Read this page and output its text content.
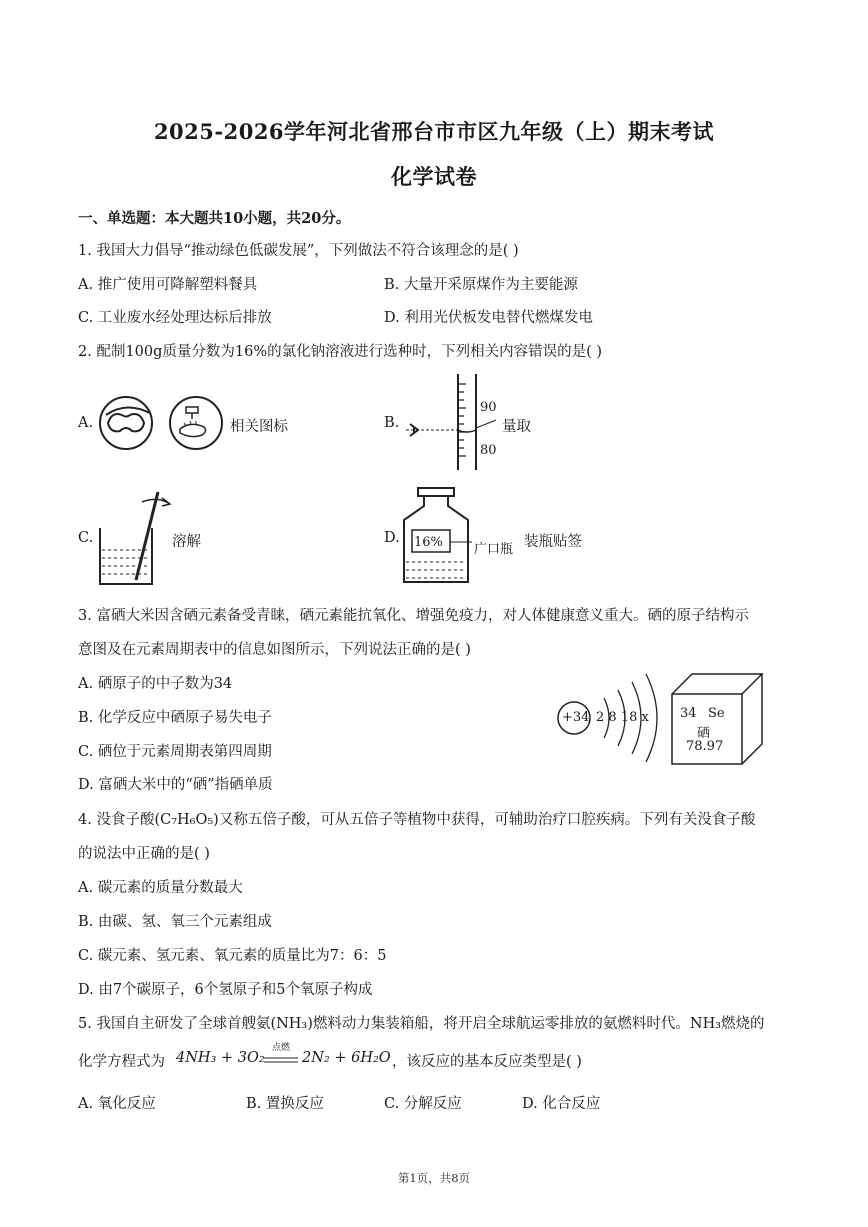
2025-2026学年河北省邢台市市区九年级（上）期末考试
化学试卷
一、单选题：本大题共10小题，共20分。
1. 我国大力倡导“推动绿色低碳发展”，下列做法不符合该理念的是( )
A. 推广使用可降解塑料餐具	B. 大量开采原煤作为主要能源
C. 工业废水经处理达标后排放	D. 利用光伏板发电替代燃煤发电
2. 配制100g质量分数为16%的氯化钠溶液进行选种时，下列相关内容错误的是( )
A.	相关图标	B.
90
80
量取
C.	溶解	D. 16% 广口瓶 装瓶贴签
3. 富硒大米因含硒元素备受青睐，硒元素能抗氧化、增强免疫力，对人体健康意义重大。硒的原子结构示
意图及在元素周期表中的信息如图所示，下列说法正确的是( )
A. 硒原子的中子数为34
B. 化学反应中硒原子易失电子
C. 硒位于元素周期表第四周期
D. 富硒大米中的“硒”指硒单质
+34 2 8 18 x 34 Se
硒
78.97
4. 没食子酸(C₇H₆O₅)又称五倍子酸，可从五倍子等植物中获得，可辅助治疗口腔疾病。下列有关没食子酸
的说法中正确的是( )
A. 碳元素的质量分数最大
B. 由碳、氢、氧三个元素组成
C. 碳元素、氢元素、氧元素的质量比为7：6：5
D. 由7个碳原子，6个氢原子和5个氧原子构成
5. 我国自主研发了全球首艘氨(NH₃)燃料动力集装箱船，将开启全球航运零排放的氨燃料时代。NH₃燃烧的
化学方程式为 4NH₃ + 3O₂
点燃
2N₂ + 6H₂O ，该反应的基本反应类型是( )
A. 氧化反应	B. 置换反应	C. 分解反应	D. 化合反应
第1页，共8页
